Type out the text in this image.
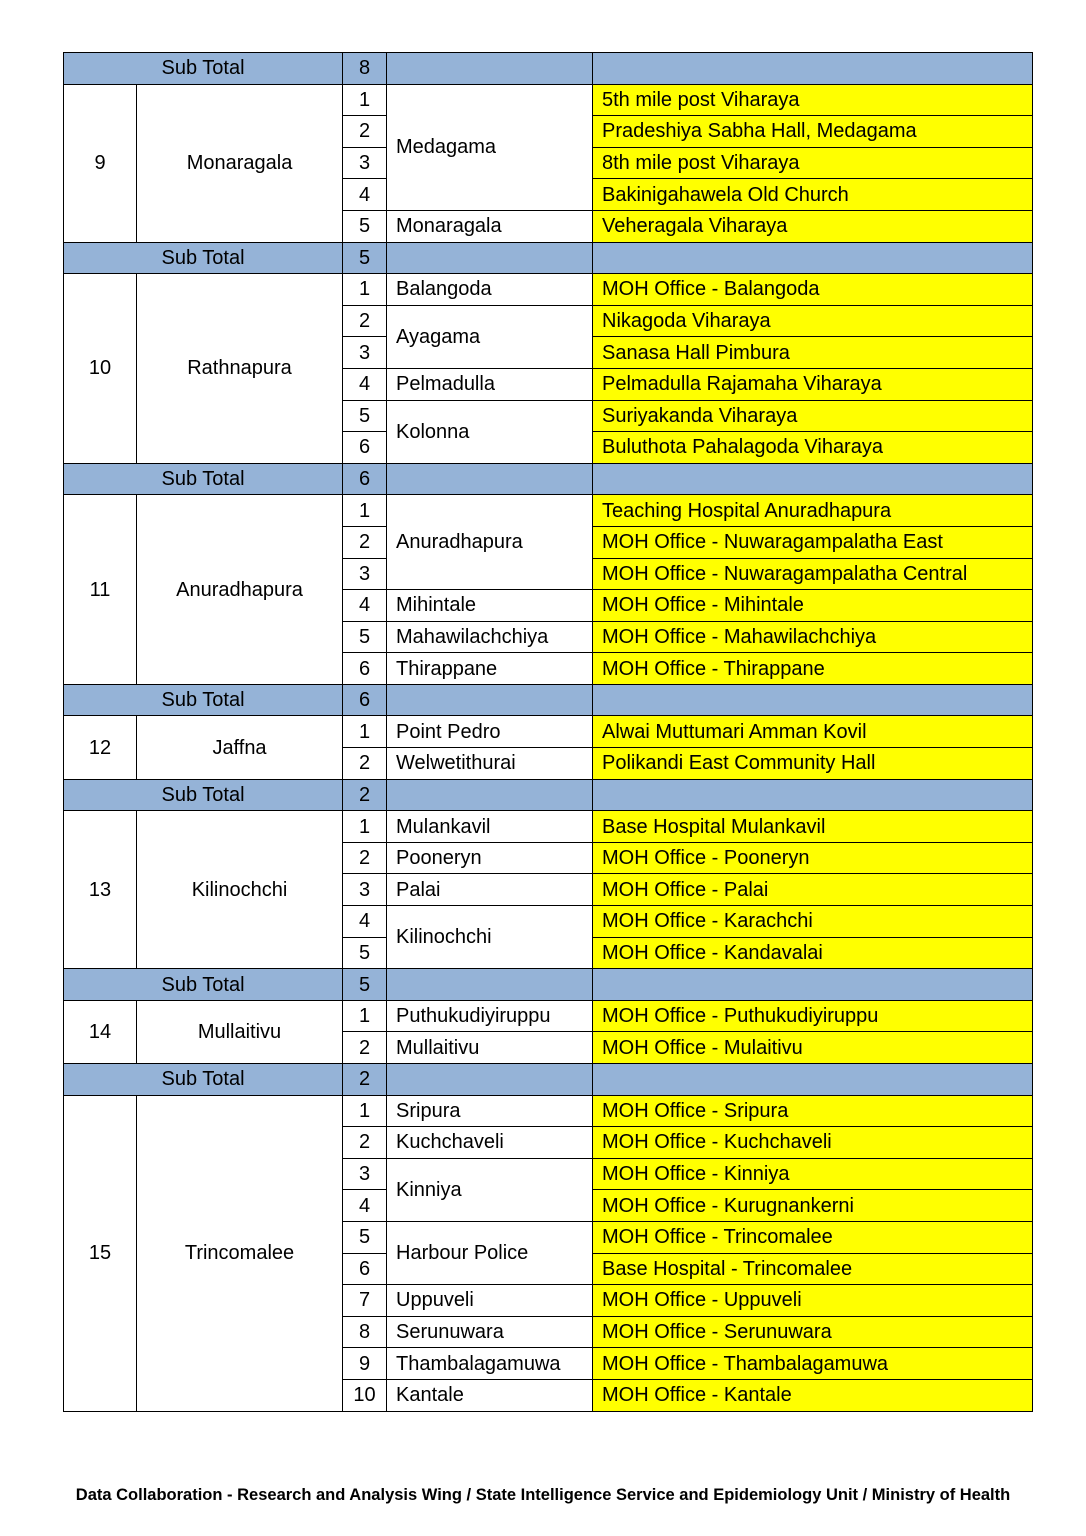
Sub Total		8		
9	Monaragala	1	Medagama	5th mile post Viharaya
		2		Pradeshiya Sabha Hall, Medagama
		3		8th mile post Viharaya
		4		Bakinigahawela Old Church
		5	Monaragala	Veheragala Viharaya
Sub Total		5		
10	Rathnapura	1	Balangoda	MOH Office - Balangoda
		2	Ayagama	Nikagoda Viharaya
		3		Sanasa Hall Pimbura
		4	Pelmadulla	Pelmadulla Rajamaha Viharaya
		5	Kolonna	Suriyakanda Viharaya
		6		Buluthota Pahalagoda Viharaya
Sub Total		6		
11	Anuradhapura	1	Anuradhapura	Teaching Hospital Anuradhapura
		2		MOH Office - Nuwaragampalatha East
		3		MOH Office - Nuwaragampalatha Central
		4	Mihintale	MOH Office - Mihintale
		5	Mahawilachchiya	MOH Office - Mahawilachchiya
		6	Thirappane	MOH Office - Thirappane
Sub Total		6		
12	Jaffna	1	Point Pedro	Alwai Muttumari Amman Kovil
		2	Welwetithurai	Polikandi East Community Hall
Sub Total		2		
13	Kilinochchi	1	Mulankavil	Base Hospital Mulankavil
		2	Pooneryn	MOH Office - Pooneryn
		3	Palai	MOH Office - Palai
		4	Kilinochchi	MOH Office - Karachchi
		5		MOH Office - Kandavalai
Sub Total		5		
14	Mullaitivu	1	Puthukudiyiruppu	MOH Office - Puthukudiyiruppu
		2	Mullaitivu	MOH Office - Mulaitivu
Sub Total		2		
15	Trincomalee	1	Sripura	MOH Office - Sripura
		2	Kuchchaveli	MOH Office - Kuchchaveli
		3	Kinniya	MOH Office - Kinniya
		4		MOH Office - Kurugnankerni
		5	Harbour Police	MOH Office - Trincomalee
		6		Base Hospital - Trincomalee
		7	Uppuveli	MOH Office - Uppuveli
		8	Serunuwara	MOH Office - Serunuwara
		9	Thambalagamuwa	MOH Office - Thambalagamuwa
		10	Kantale	MOH Office - Kantale
Data Collaboration - Research and Analysis Wing / State Intelligence Service and Epidemiology Unit / Ministry of Health
